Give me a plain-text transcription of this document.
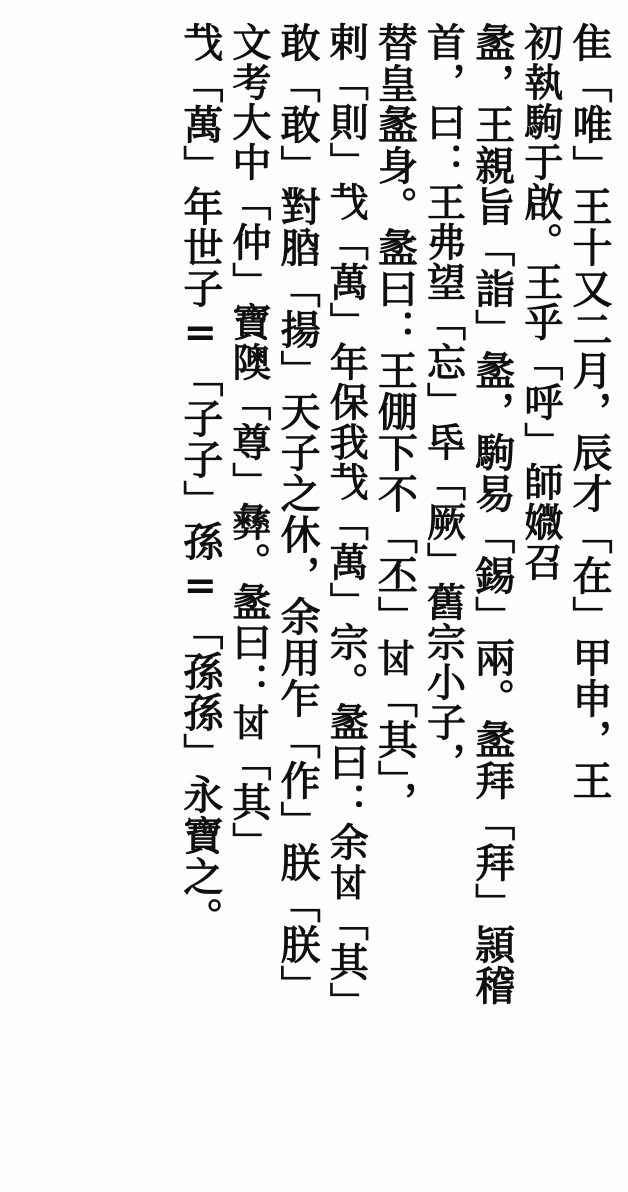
隹「唯」王十又二月，辰才「在」甲申，王
初執駒于啟。王乎「呼」師㜫召
盠，王親旨「詣」盠，駒易「錫」兩。盠拜「拜」頴稽
首，曰：王弗望「忘」氒「厥」舊宗小子，
替皇盠身。盠曰：王倗下不「丕」𠀠「其」，
剌「則」𢦏「萬」年保我𢦏「萬」宗。盠曰：余𠀠「其」
敢「敢」對𦛚「揚」天子之休，余用乍「作」朕「朕」
文考大中「仲」寶隩「尊」彝。盠曰：𠀠「其」
𢦏「萬」年世子=「子子」孫=「孫孫」永寶之。
